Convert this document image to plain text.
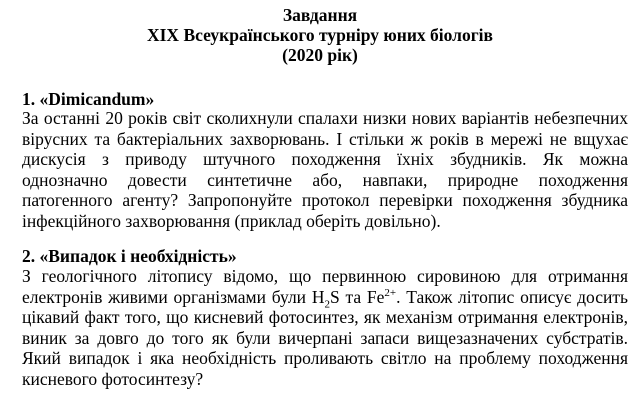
Завдання
XIX Всеукраїнського турніру юних біологів
(2020 рік)
1. «Dimicandum»
За останні 20 років світ сколихнули спалахи низки нових варіантів небезпечних
вірусних та бактеріальних захворювань. І стільки ж років в мережі не вщухає
дискусія з приводу штучного походження їхніх збудників. Як можна
однозначно довести синтетичне або, навпаки, природне походження
патогенного агенту? Запропонуйте протокол перевірки походження збудника
інфекційного захворювання (приклад оберіть довільно).
2. «Випадок і необхідність»
З геологічного літопису відомо, що первинною сировиною для отримання
електронів живими організмами були $H_2S$ та $Fe^{2+}$. Також літопис описує досить
цікавий факт того, що кисневий фотосинтез, як механізм отримання електронів,
виник за довго до того як були вичерпані запаси вищезазначених субстратів.
Який випадок і яка необхідність проливають світло на проблему походження
кисневого фотосинтезу?
